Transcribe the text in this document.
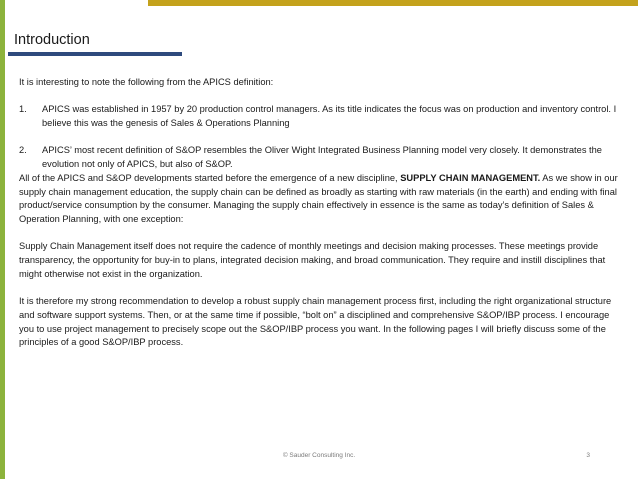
Introduction

It is interesting to note the following from the APICS definition:

1.	APICS was established in 1957 by 20 production control managers. As its title indicates the focus was on production and inventory control. I believe this was the genesis of Sales & Operations Planning
2.	APICS’ most recent definition of S&OP resembles the Oliver Wight Integrated Business Planning model very closely. It demonstrates the evolution not only of APICS, but also of S&OP.

All of the APICS and S&OP developments started before the emergence of a new discipline, SUPPLY CHAIN MANAGEMENT. As we show in our supply chain management education, the supply chain can be defined as broadly as starting with raw materials (in the earth) and ending with final product/service consumption by the consumer. Managing the supply chain effectively in essence is the same as today’s definition of Sales & Operation Planning, with one exception:

Supply Chain Management itself does not require the cadence of monthly meetings and decision making processes. These meetings provide transparency, the opportunity for buy-in to plans, integrated decision making, and broad communication. They require and instill disciplines that might otherwise not exist in the organization.

It is therefore my strong recommendation to develop a robust supply chain management process first, including the right organizational structure and software support systems. Then, or at the same time if possible, “bolt on” a disciplined and comprehensive S&OP/IBP process. I encourage you to use project management to precisely scope out the S&OP/IBP process you want. In the following pages I will briefly discuss some of the principles of a good S&OP/IBP process.

© Sauder Consulting Inc.	3
